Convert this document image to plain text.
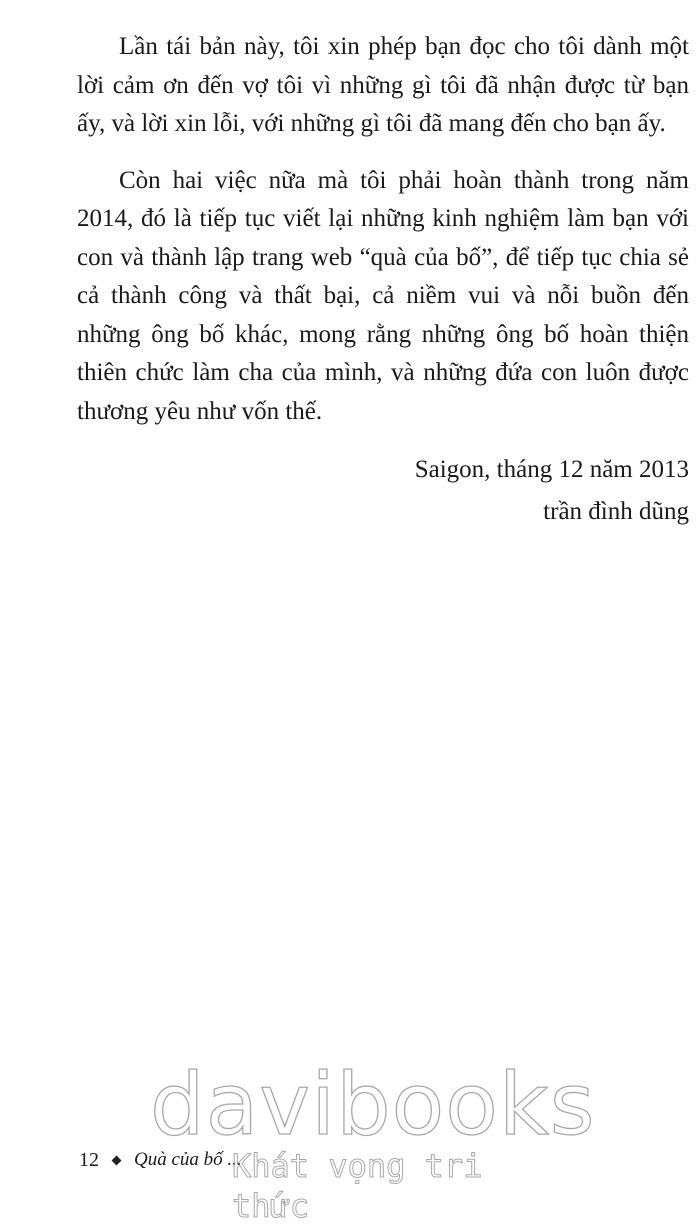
Lần tái bản này, tôi xin phép bạn đọc cho tôi dành một lời cảm ơn đến vợ tôi vì những gì tôi đã nhận được từ bạn ấy, và lời xin lỗi, với những gì tôi đã mang đến cho bạn ấy.

Còn hai việc nữa mà tôi phải hoàn thành trong năm 2014, đó là tiếp tục viết lại những kinh nghiệm làm bạn với con và thành lập trang web “quà của bố”, để tiếp tục chia sẻ cả thành công và thất bại, cả niềm vui và nỗi buồn đến những ông bố khác, mong rằng những ông bố hoàn thiện thiên chức làm cha của mình, và những đứa con luôn được thương yêu như vốn thế.

Saigon, tháng 12 năm 2013

trần đình dũng

12 Quà của bố ...
davibooks
Khát vọng tri thức
